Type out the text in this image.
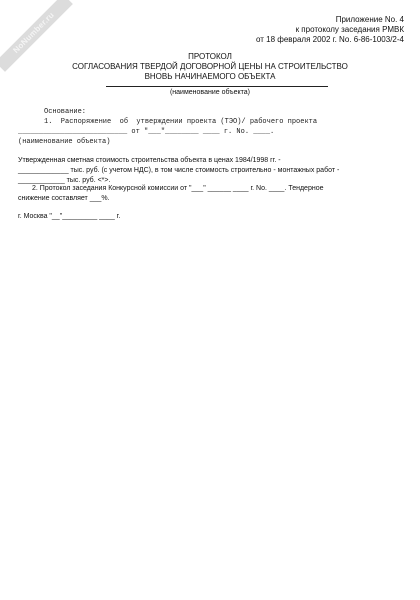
NoNumber.ru	Приложение No. 4
к протоколу заседания РМВК
от 18 февраля 2002 г. No. 6-86-1003/2-4
ПРОТОКОЛ
СОГЛАСОВАНИЯ ТВЕРДОЙ ДОГОВОРНОЙ ЦЕНЫ НА СТРОИТЕЛЬСТВО
ВНОВЬ НАЧИНАЕМОГО ОБЪЕКТА
(наименование объекта)
Основание:
1.  Распоряжение  об  утверждении проекта (ТЭО)/ рабочего проекта
__________________________ от "___"________ ____ г. No. ____.
(наименование объекта)
Утвержденная сметная стоимость строительства объекта в ценах 1984/1998 гг. -
_____________ тыс. руб. (с учетом НДС), в том числе стоимость строительно - монтажных работ -
____________ тыс. руб. <*>.
2. Протокол заседания Конкурсной комиссии от "___" ______ ____ г. No. ____. Тендерное
снижение составляет ___%.
г. Москва "__"_________ ____ г.
